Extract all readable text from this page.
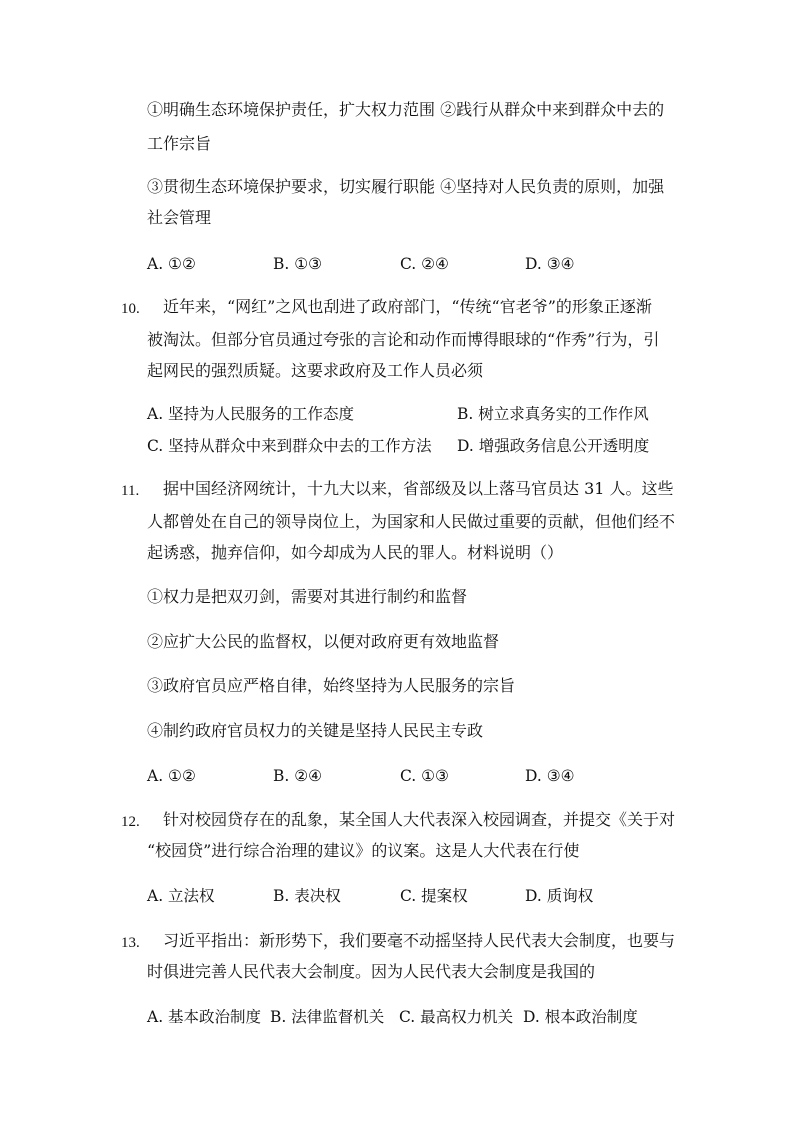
①明确生态环境保护责任，扩大权力范围 ②践行从群众中来到群众中去的
工作宗旨
③贯彻生态环境保护要求，切实履行职能 ④坚持对人民负责的原则，加强
社会管理
A. ①②	B. ①③	C. ②④	D. ③④
10. 近年来，“网红”之风也刮进了政府部门，“传统“官老爷”的形象正逐渐
被淘汰。但部分官员通过夸张的言论和动作而博得眼球的“作秀”行为，引
起网民的强烈质疑。这要求政府及工作人员必须
A. 坚持为人民服务的工作态度	B. 树立求真务实的工作作风
C. 坚持从群众中来到群众中去的工作方法 D. 增强政务信息公开透明度
11. 据中国经济网统计，十九大以来，省部级及以上落马官员达 31 人。这些
人都曾处在自己的领导岗位上，为国家和人民做过重要的贡献，但他们经不
起诱惑，抛弃信仰，如今却成为人民的罪人。材料说明（）
①权力是把双刃剑，需要对其进行制约和监督
②应扩大公民的监督权，以便对政府更有效地监督
③政府官员应严格自律，始终坚持为人民服务的宗旨
④制约政府官员权力的关键是坚持人民民主专政
A. ①②	B. ②④	C. ①③	D. ③④
12. 针对校园贷存在的乱象，某全国人大代表深入校园调查，并提交《关于对
“校园贷”进行综合治理的建议》的议案。这是人大代表在行使
A. 立法权	B. 表决权	C. 提案权	D. 质询权
13. 习近平指出：新形势下，我们要毫不动摇坚持人民代表大会制度，也要与
时俱进完善人民代表大会制度。因为人民代表大会制度是我国的
A. 基本政治制度 B. 法律监督机关 C. 最高权力机关 D. 根本政治制度
